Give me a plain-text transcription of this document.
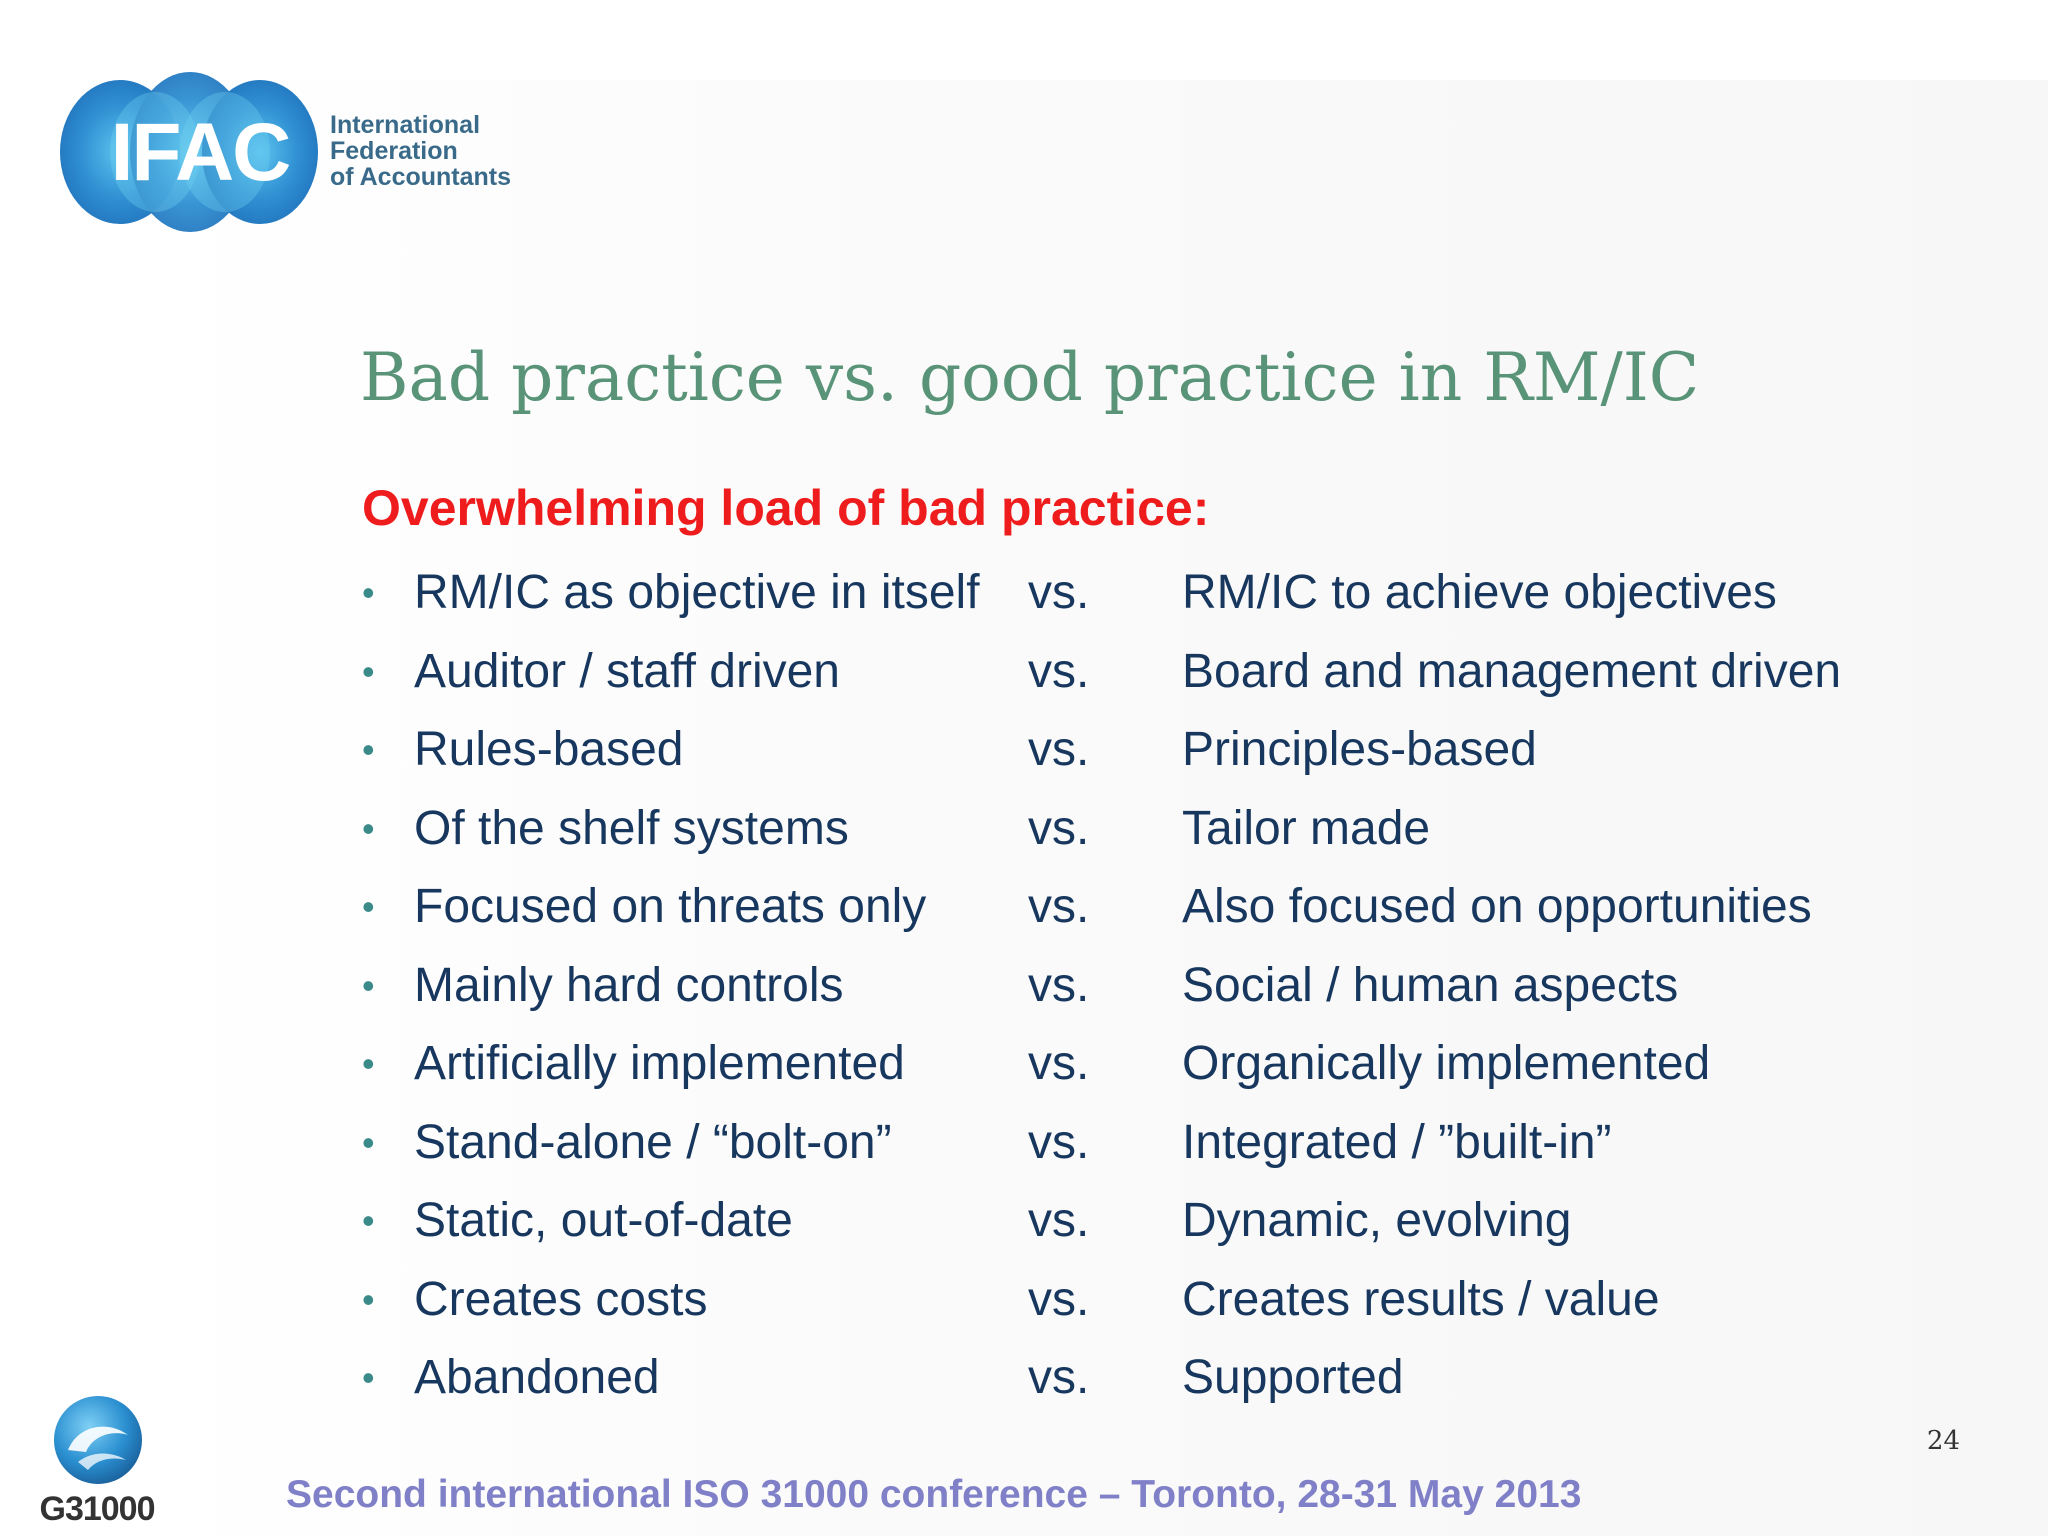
IFAC	International
Federation
of Accountants
Bad practice vs. good practice in RM/IC
Overwhelming load of bad practice:
• RM/IC as objective in itself vs. RM/IC to achieve objectives
• Auditor / staff driven	vs. Board and management driven
• Rules-based	vs. Principles-based
• Of the shelf systems	vs. Tailor made
• Focused on threats only vs. Also focused on opportunities
• Mainly hard controls	vs. Social / human aspects
• Artificially implemented	vs. Organically implemented
• Stand-alone / “bolt-on”	vs. Integrated / ”built-in”
• Static, out-of-date	vs. Dynamic, evolving
• Creates costs	vs. Creates results / value
• Abandoned	vs. Supported
24
G31000	Second international ISO 31000 conference – Toronto, 28-31 May 2013
